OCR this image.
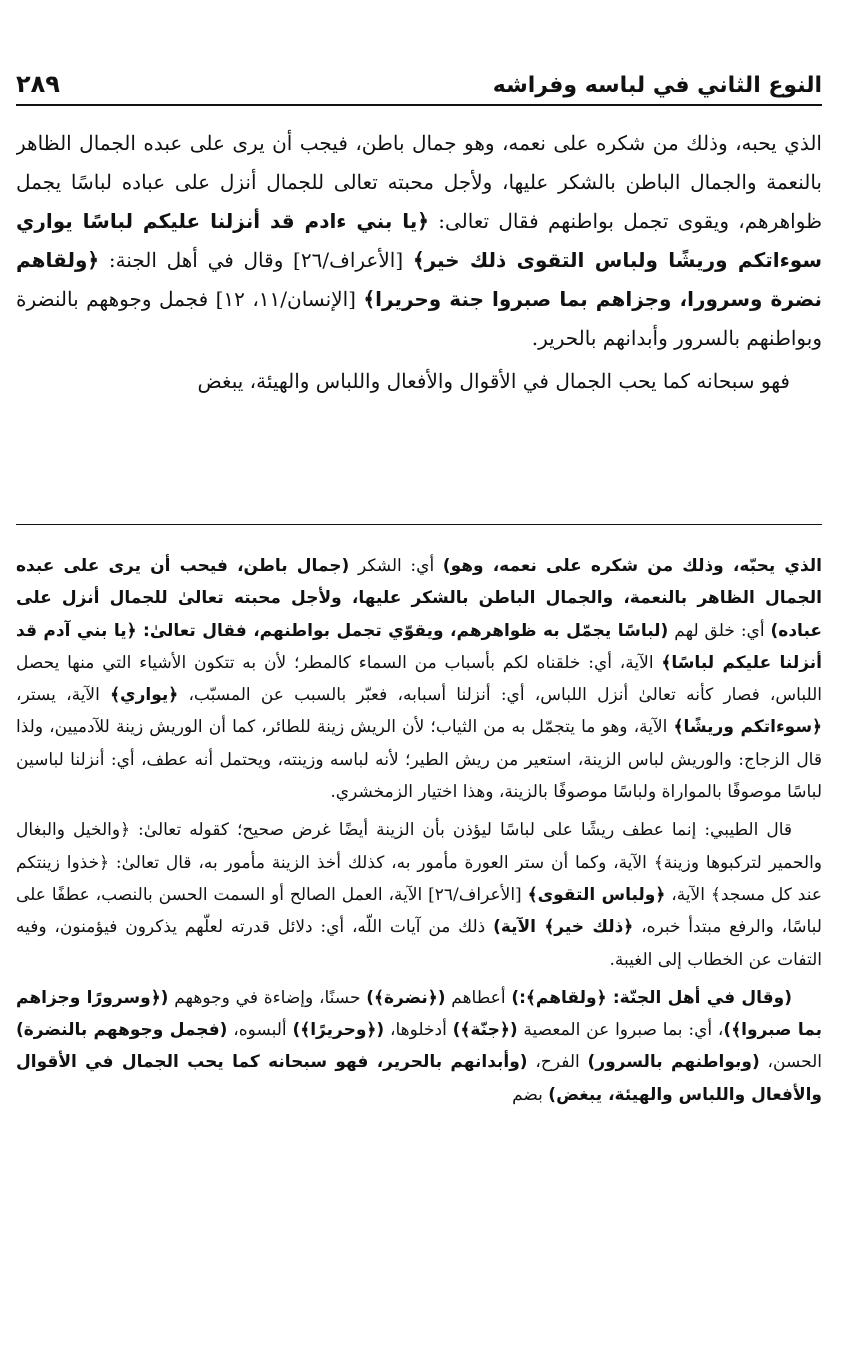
النوع الثاني في لباسه وفراشه
٢٨٩

الذي يحبه، وذلك من شكره على نعمه، وهو جمال باطن، فيجب أن يرى على عبده الجمال الظاهر بالنعمة والجمال الباطن بالشكر عليها، ولأجل محبته تعالى للجمال أنزل على عباده لباسًا يجمل ظواهرهم، ويقوى تجمل بواطنهم فقال تعالى: ﴿يا بني ءادم قد أنزلنا عليكم لباسًا يواري سوءاتكم وريشًا ولباس التقوى ذلك خير﴾ [الأعراف/٢٦] وقال في أهل الجنة: ﴿ولقاهم نضرة وسرورا، وجزاهم بما صبروا جنة وحريرا﴾ [الإنسان/١١، ١٢] فجمل وجوههم بالنضرة وبواطنهم بالسرور وأبدانهم بالحرير.

فهو سبحانه كما يحب الجمال في الأقوال والأفعال واللباس والهيئة، يبغض

الذي يحبّه، وذلك من شكره على نعمه، وهو) أي: الشكر (جمال باطن، فيحب أن يرى على عبده الجمال الظاهر بالنعمة، والجمال الباطن بالشكر عليها، ولأجل محبته تعالىٰ للجمال أنزل على عباده) أي: خلق لهم (لباسًا يجمّل به ظواهرهم، ويقوّي تجمل بواطنهم، فقال تعالىٰ: ﴿يا بني آدم قد أنزلنا عليكم لباسًا﴾ الآية، أي: خلقناه لكم بأسباب من السماء كالمطر؛ لأن به تتكون الأشياء التي منها يحصل اللباس، فصار كأنه تعالىٰ أنزل اللباس، أي: أنزلنا أسبابه، فعبّر بالسبب عن المسبّب، ﴿يواري﴾ الآية، يستر، ﴿سوءاتكم وريشًا﴾ الآية، وهو ما يتجمّل به من الثياب؛ لأن الريش زينة للطائر، كما أن الوريش زينة للآدميين، ولذا قال الزجاج: والوريش لباس الزينة، استعير من ريش الطير؛ لأنه لباسه وزينته، ويحتمل أنه عطف، أي: أنزلنا لباسين لباسًا موصوفًا بالمواراة ولباسًا موصوفًا بالزينة، وهذا اختيار الزمخشري.

قال الطيبي: إنما عطف ريشًا على لباسًا ليؤذن بأن الزينة أيضًا غرض صحيح؛ كقوله تعالىٰ: ﴿والخيل والبغال والحمير لتركبوها وزينة﴾ الآية، وكما أن ستر العورة مأمور به، كذلك أخذ الزينة مأمور به، قال تعالىٰ: ﴿خذوا زينتكم عند كل مسجد﴾ الآية، ﴿ولباس التقوى﴾ [الأعراف/٢٦] الآية، العمل الصالح أو السمت الحسن بالنصب، عطفًا على لباسًا، والرفع مبتدأ خبره، ﴿ذلك خير﴾ الآية) ذلك من آيات اللّه، أي: دلائل قدرته لعلّهم يذكرون فيؤمنون، وفيه التفات عن الخطاب إلى الغيبة.

(وقال في أهل الجنّة: ﴿ولقاهم﴾:) أعطاهم (﴿نضرة﴾) حسنًا، وإضاءة في وجوههم (﴿وسرورًا وجزاهم بما صبروا﴾)، أي: بما صبروا عن المعصية (﴿جنّة﴾) أدخلوها، (﴿وحريرًا﴾) ألبسوه، (فجمل وجوههم بالنضرة) الحسن، (وبواطنهم بالسرور) الفرح، (وأبدانهم بالحرير، فهو سبحانه كما يحب الجمال في الأقوال والأفعال واللباس والهيئة، يبغض) بضم
